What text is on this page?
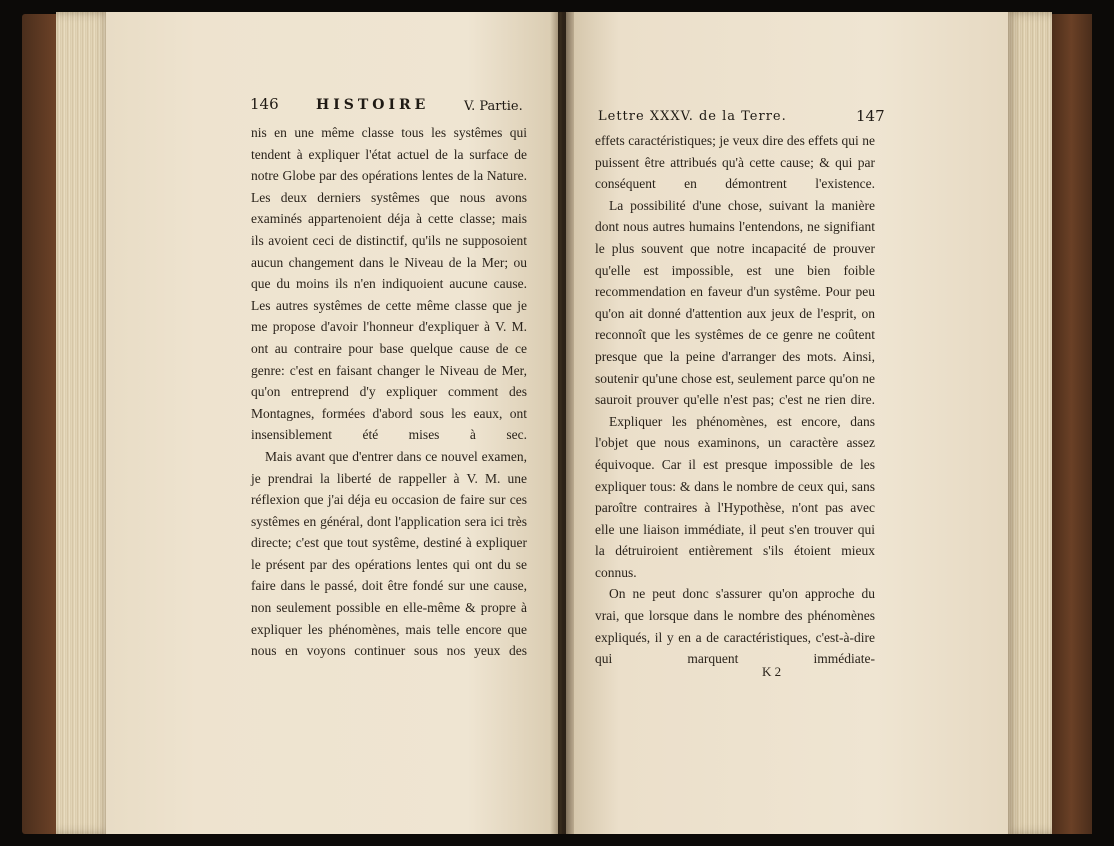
146	HISTOIRE	V. Partie.

nis en une même classe tous les systêmes qui tendent à expliquer l'état actuel de la surface de notre Globe par des opérations lentes de la Nature. Les deux derniers systêmes que nous avons examinés appartenoient déja à cette classe; mais ils avoient ceci de distinctif, qu'ils ne supposoient aucun changement dans le Niveau de la Mer; ou que du moins ils n'en indiquoient aucune cause. Les autres systêmes de cette même classe que je me propose d'avoir l'honneur d'expliquer à V. M. ont au contraire pour base quelque cause de ce genre: c'est en faisant changer le Niveau de Mer, qu'on entreprend d'y expliquer comment des Montagnes, formées d'abord sous les eaux, ont insensiblement été mises à sec.

Mais avant que d'entrer dans ce nouvel examen, je prendrai la liberté de rappeller à V. M. une réflexion que j'ai déja eu occasion de faire sur ces systêmes en général, dont l'application sera ici très directe; c'est que tout systême, destiné à expliquer le présent par des opérations lentes qui ont du se faire dans le passé, doit être fondé sur une cause, non seulement possible en elle-même & propre à expliquer les phénomènes, mais telle encore que nous en voyons continuer sous nos yeux des

Lettre XXXV. de la Terre.	147

effets caractéristiques; je veux dire des effets qui ne puissent être attribués qu'à cette cause; & qui par conséquent en démontrent l'existence.

La possibilité d'une chose, suivant la manière dont nous autres humains l'entendons, ne signifiant le plus souvent que notre incapacité de prouver qu'elle est impossible, est une bien foible recommendation en faveur d'un systême. Pour peu qu'on ait donné d'attention aux jeux de l'esprit, on reconnoît que les systêmes de ce genre ne coûtent presque que la peine d'arranger des mots. Ainsi, soutenir qu'une chose est, seulement parce qu'on ne sauroit prouver qu'elle n'est pas; c'est ne rien dire.

Expliquer les phénomènes, est encore, dans l'objet que nous examinons, un caractère assez équivoque. Car il est presque impossible de les expliquer tous: & dans le nombre de ceux qui, sans paroître contraires à l'Hypothèse, n'ont pas avec elle une liaison immédiate, il peut s'en trouver qui la détruiroient entièrement s'ils étoient mieux connus.

On ne peut donc s'assurer qu'on approche du vrai, que lorsque dans le nombre des phénomènes expliqués, il y en a de caractéristiques, c'est-à-dire qui marquent immédiate-

K 2
